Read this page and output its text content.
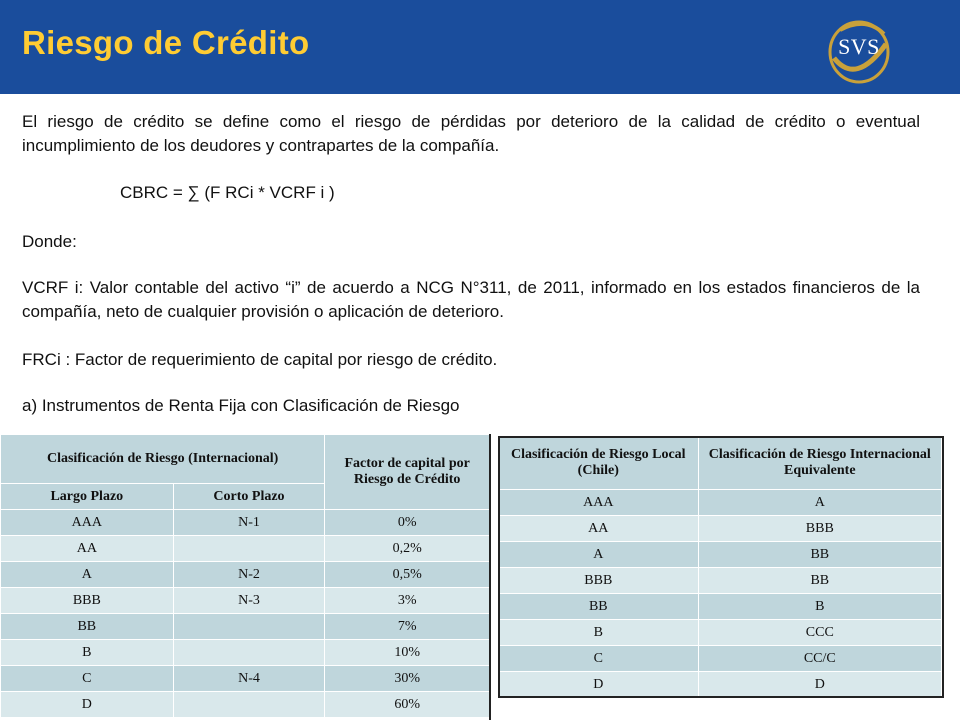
Riesgo de Crédito	SVS

El riesgo de crédito se define como el riesgo de pérdidas por deterioro de la calidad de crédito o eventual incumplimiento de los deudores y contrapartes de la compañía.

CBRC = ∑ (F RCi * VCRF i )

Donde:

VCRF i: Valor contable del activo “i” de acuerdo a NCG N°311, de 2011, informado en los estados financieros de la compañía, neto de cualquier provisión o aplicación de deterioro.

FRCi : Factor de requerimiento de capital por riesgo de crédito.

a) Instrumentos de Renta Fija con Clasificación de Riesgo

Clasificación de Riesgo (Internacional)		Factor de capital por Riesgo de Crédito
Largo Plazo	Corto Plazo	
AAA	N-1	0%
AA		0,2%
A	N-2	0,5%
BBB	N-3	3%
BB		7%
B		10%
C	N-4	30%
D		60%
Clasificación de Riesgo Local (Chile)	Clasificación de Riesgo Internacional Equivalente
AAA	A
AA	BBB
A	BB
BBB	BB
BB	B
B	CCC
C	CC/C
D	D
